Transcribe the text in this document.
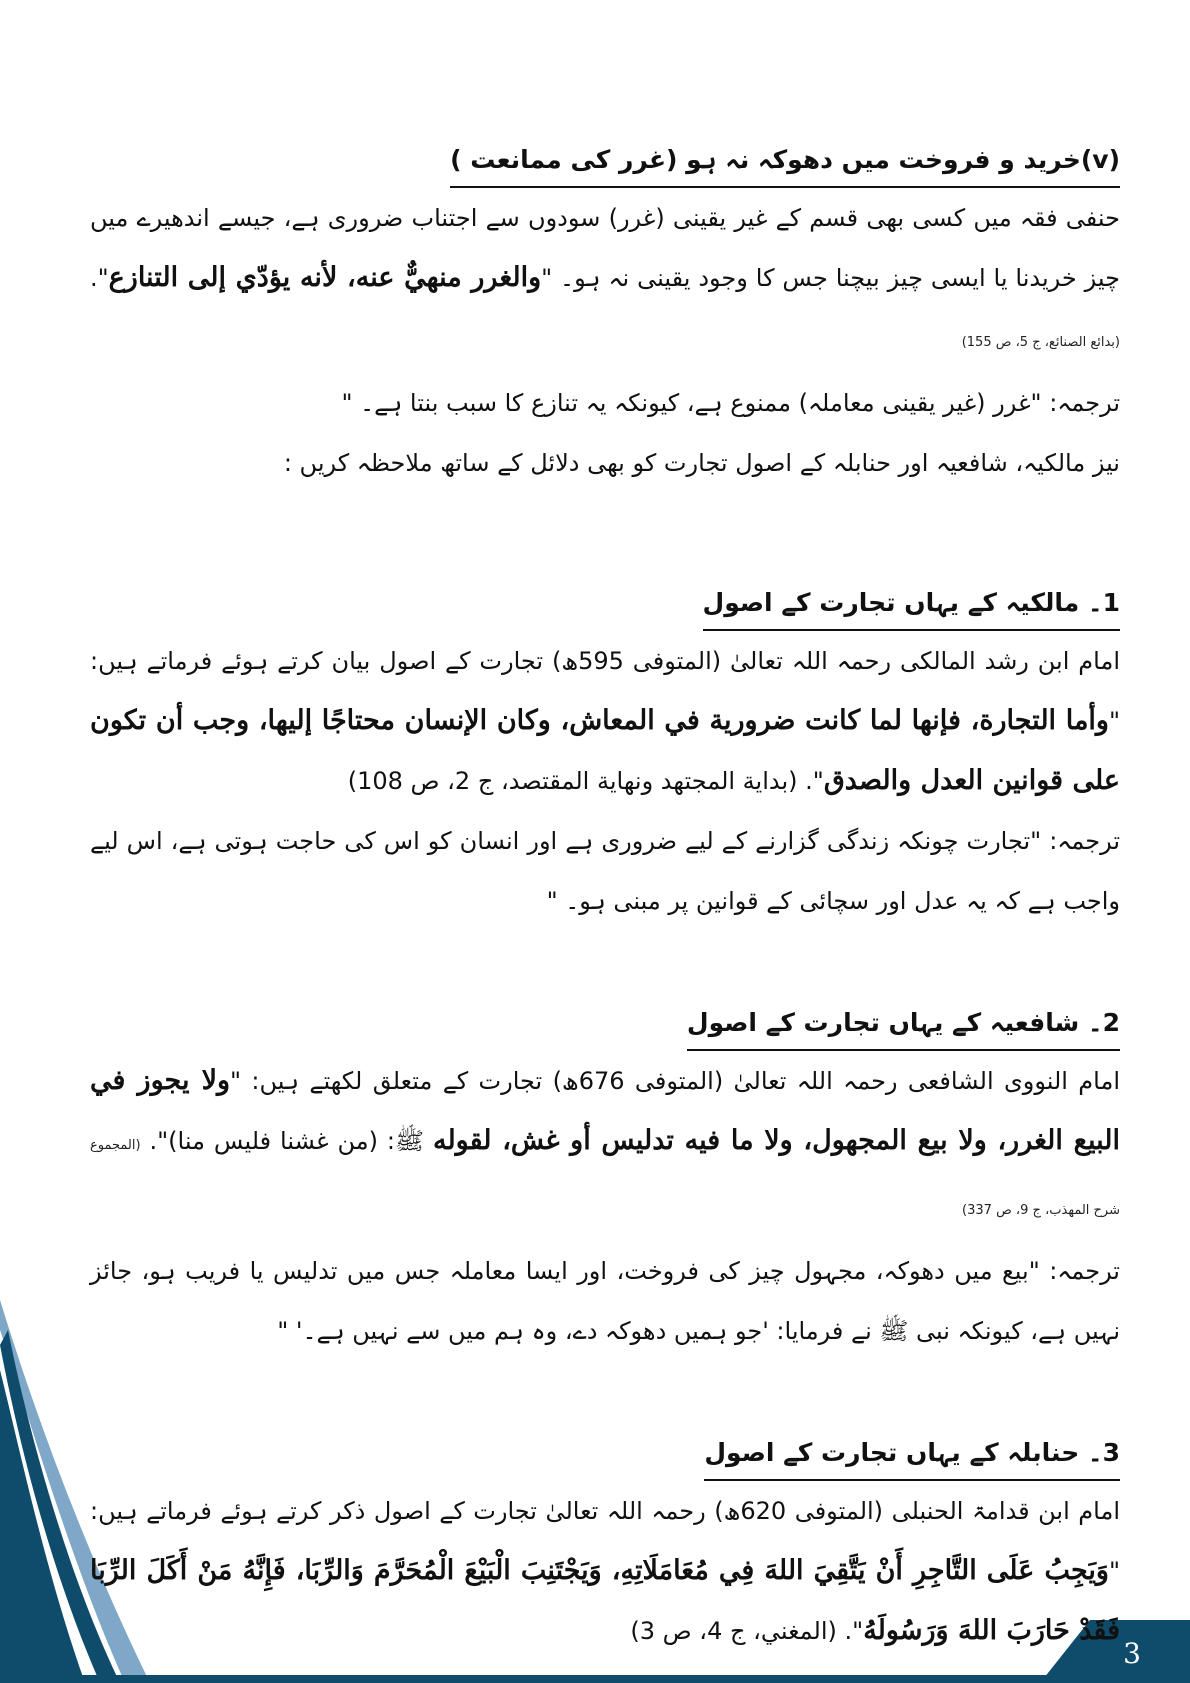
3
(v)خرید و فروخت میں دھوکہ نہ ہو (غرر کی ممانعت )

حنفی فقہ میں کسی بھی قسم کے غیر یقینی (غرر) سودوں سے اجتناب ضروری ہے، جیسے اندھیرے میں چیز خریدنا یا ایسی چیز بیچنا جس کا وجود یقینی نہ ہو۔ "والغرر منهيٌّ عنه، لأنه يؤدّي إلى التنازع". (بدائع الصنائع، ج 5، ص 155)

ترجمہ: "غرر (غیر یقینی معاملہ) ممنوع ہے، کیونکہ یہ تنازع کا سبب بنتا ہے۔ "

نیز مالکیہ، شافعیہ اور حنابلہ کے اصول تجارت کو بھی دلائل کے ساتھ ملاحظہ کریں :

1۔ مالکیہ کے یہاں تجارت کے اصول

امام ابن رشد المالکی رحمہ اللہ تعالیٰ (المتوفی 595ھ) تجارت کے اصول بیان کرتے ہوئے فرماتے ہیں: "وأما التجارة، فإنها لما كانت ضرورية في المعاش، وكان الإنسان محتاجًا إليها، وجب أن تكون على قوانين العدل والصدق". (بداية المجتهد ونهاية المقتصد، ج 2، ص 108)

ترجمہ: "تجارت چونکہ زندگی گزارنے کے لیے ضروری ہے اور انسان کو اس کی حاجت ہوتی ہے، اس لیے واجب ہے کہ یہ عدل اور سچائی کے قوانین پر مبنی ہو۔ "

2۔ شافعیہ کے یہاں تجارت کے اصول

امام النووی الشافعی رحمہ اللہ تعالیٰ (المتوفی 676ھ) تجارت کے متعلق لکھتے ہیں: "ولا يجوز في البيع الغرر، ولا بيع المجهول، ولا ما فيه تدليس أو غش، لقوله ﷺ: (من غشنا فليس منا)". (المجموع شرح المهذب، ج 9، ص 337)

ترجمہ: "بیع میں دھوکہ، مجہول چیز کی فروخت، اور ایسا معاملہ جس میں تدلیس یا فریب ہو، جائز نہیں ہے، کیونکہ نبی ﷺ نے فرمایا: 'جو ہمیں دھوکہ دے، وہ ہم میں سے نہیں ہے۔' "

3۔ حنابلہ کے یہاں تجارت کے اصول

امام ابن قدامۃ الحنبلی (المتوفی 620ھ) رحمہ اللہ تعالیٰ تجارت کے اصول ذکر کرتے ہوئے فرماتے ہیں: "وَيَجِبُ عَلَى التَّاجِرِ أَنْ يَتَّقِيَ اللهَ فِي مُعَامَلَاتِهِ، وَيَجْتَنِبَ الْبَيْعَ الْمُحَرَّمَ وَالرِّبَا، فَإِنَّهُ مَنْ أَكَلَ الرِّبَا فَقَدْ حَارَبَ اللهَ وَرَسُولَهُ". (المغني، ج 4، ص 3)
